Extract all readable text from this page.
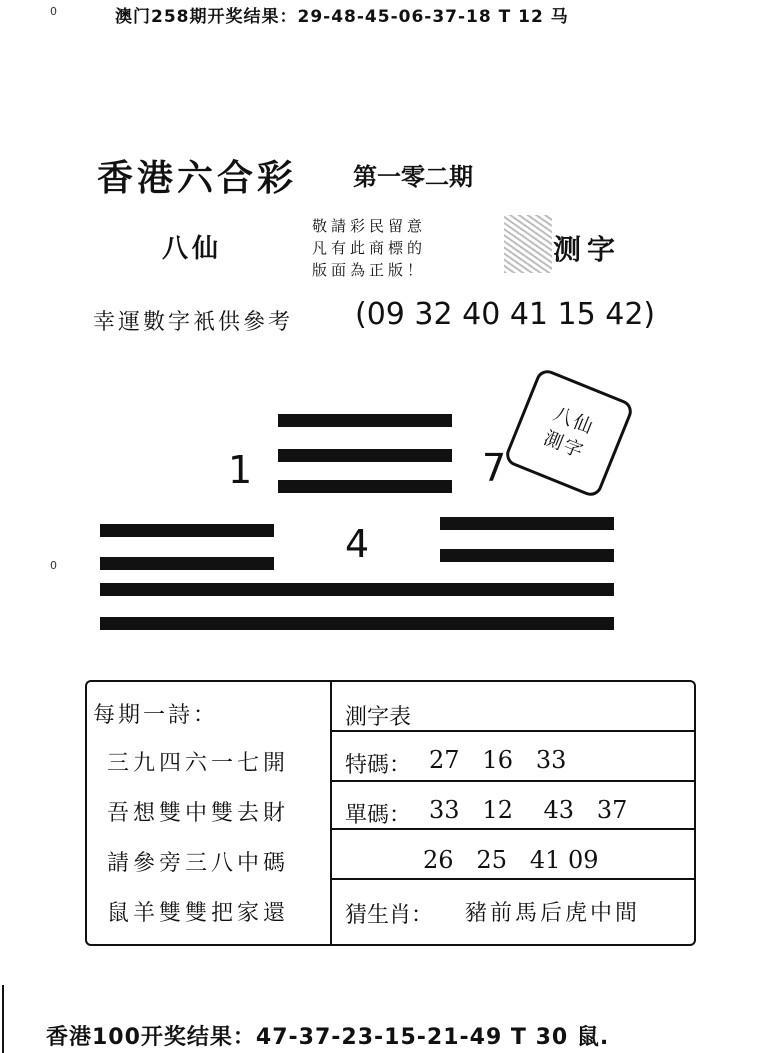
0	澳门258期开奖结果：29-48-45-06-37-18 T 12 马
香港六合彩 第一零二期
八仙
敬請彩民留意
凡有此商標的
版面為正版！
测字
幸運數字衹供參考 (09 32 40 41 15 42)
1	7
4
0
八仙
測字
每期一詩：
三九四六一七開
吾想雙中雙去財
請參旁三八中碼
鼠羊雙雙把家還
測字表
特碼： 27   16   33
單碼： 33   12    43   37
26   25   41 09
猜生肖： 豬前馬后虎中間
香港100开奖结果：47-37-23-15-21-49 T 30 鼠.
